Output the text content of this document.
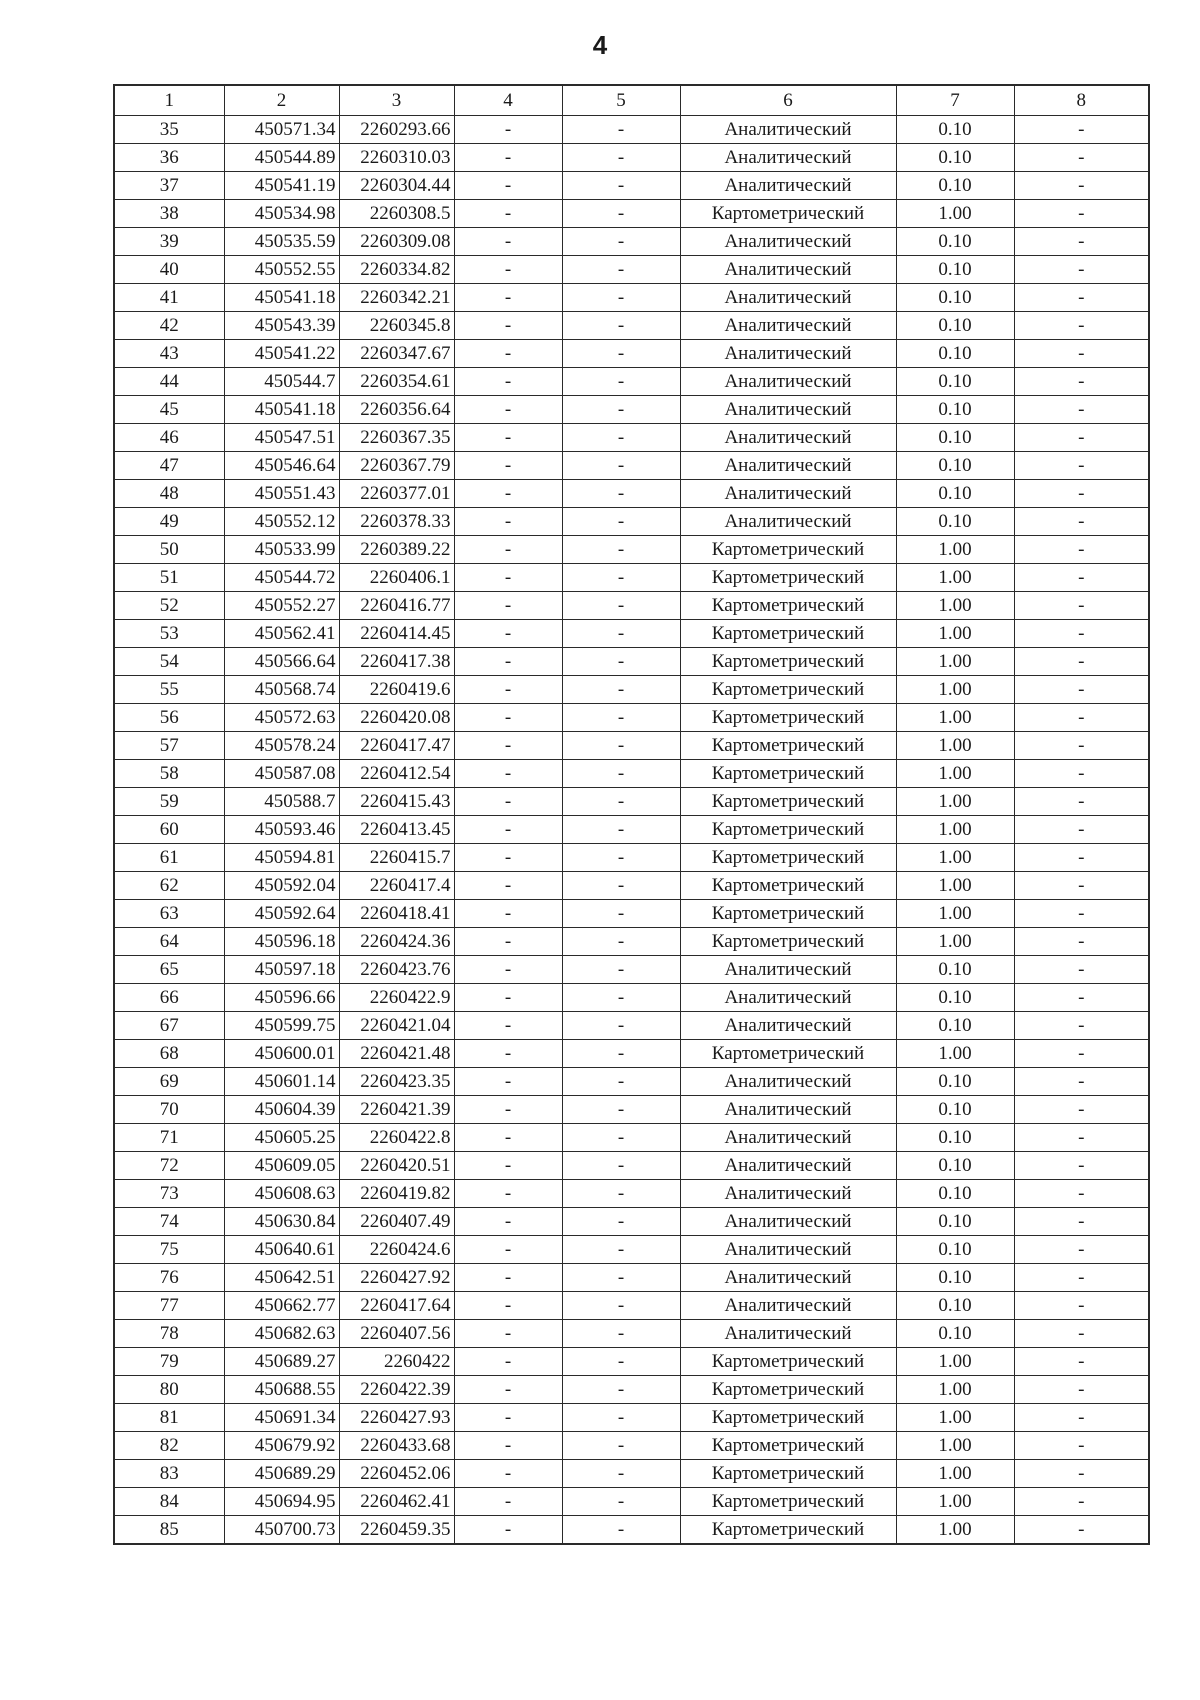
4
1	2	3	4	5	6	7	8
35	450571.34	2260293.66	-	-	Аналитический	0.10	-
36	450544.89	2260310.03	-	-	Аналитический	0.10	-
37	450541.19	2260304.44	-	-	Аналитический	0.10	-
38	450534.98	2260308.5	-	-	Картометрический	1.00	-
39	450535.59	2260309.08	-	-	Аналитический	0.10	-
40	450552.55	2260334.82	-	-	Аналитический	0.10	-
41	450541.18	2260342.21	-	-	Аналитический	0.10	-
42	450543.39	2260345.8	-	-	Аналитический	0.10	-
43	450541.22	2260347.67	-	-	Аналитический	0.10	-
44	450544.7	2260354.61	-	-	Аналитический	0.10	-
45	450541.18	2260356.64	-	-	Аналитический	0.10	-
46	450547.51	2260367.35	-	-	Аналитический	0.10	-
47	450546.64	2260367.79	-	-	Аналитический	0.10	-
48	450551.43	2260377.01	-	-	Аналитический	0.10	-
49	450552.12	2260378.33	-	-	Аналитический	0.10	-
50	450533.99	2260389.22	-	-	Картометрический	1.00	-
51	450544.72	2260406.1	-	-	Картометрический	1.00	-
52	450552.27	2260416.77	-	-	Картометрический	1.00	-
53	450562.41	2260414.45	-	-	Картометрический	1.00	-
54	450566.64	2260417.38	-	-	Картометрический	1.00	-
55	450568.74	2260419.6	-	-	Картометрический	1.00	-
56	450572.63	2260420.08	-	-	Картометрический	1.00	-
57	450578.24	2260417.47	-	-	Картометрический	1.00	-
58	450587.08	2260412.54	-	-	Картометрический	1.00	-
59	450588.7	2260415.43	-	-	Картометрический	1.00	-
60	450593.46	2260413.45	-	-	Картометрический	1.00	-
61	450594.81	2260415.7	-	-	Картометрический	1.00	-
62	450592.04	2260417.4	-	-	Картометрический	1.00	-
63	450592.64	2260418.41	-	-	Картометрический	1.00	-
64	450596.18	2260424.36	-	-	Картометрический	1.00	-
65	450597.18	2260423.76	-	-	Аналитический	0.10	-
66	450596.66	2260422.9	-	-	Аналитический	0.10	-
67	450599.75	2260421.04	-	-	Аналитический	0.10	-
68	450600.01	2260421.48	-	-	Картометрический	1.00	-
69	450601.14	2260423.35	-	-	Аналитический	0.10	-
70	450604.39	2260421.39	-	-	Аналитический	0.10	-
71	450605.25	2260422.8	-	-	Аналитический	0.10	-
72	450609.05	2260420.51	-	-	Аналитический	0.10	-
73	450608.63	2260419.82	-	-	Аналитический	0.10	-
74	450630.84	2260407.49	-	-	Аналитический	0.10	-
75	450640.61	2260424.6	-	-	Аналитический	0.10	-
76	450642.51	2260427.92	-	-	Аналитический	0.10	-
77	450662.77	2260417.64	-	-	Аналитический	0.10	-
78	450682.63	2260407.56	-	-	Аналитический	0.10	-
79	450689.27	2260422	-	-	Картометрический	1.00	-
80	450688.55	2260422.39	-	-	Картометрический	1.00	-
81	450691.34	2260427.93	-	-	Картометрический	1.00	-
82	450679.92	2260433.68	-	-	Картометрический	1.00	-
83	450689.29	2260452.06	-	-	Картометрический	1.00	-
84	450694.95	2260462.41	-	-	Картометрический	1.00	-
85	450700.73	2260459.35	-	-	Картометрический	1.00	-
